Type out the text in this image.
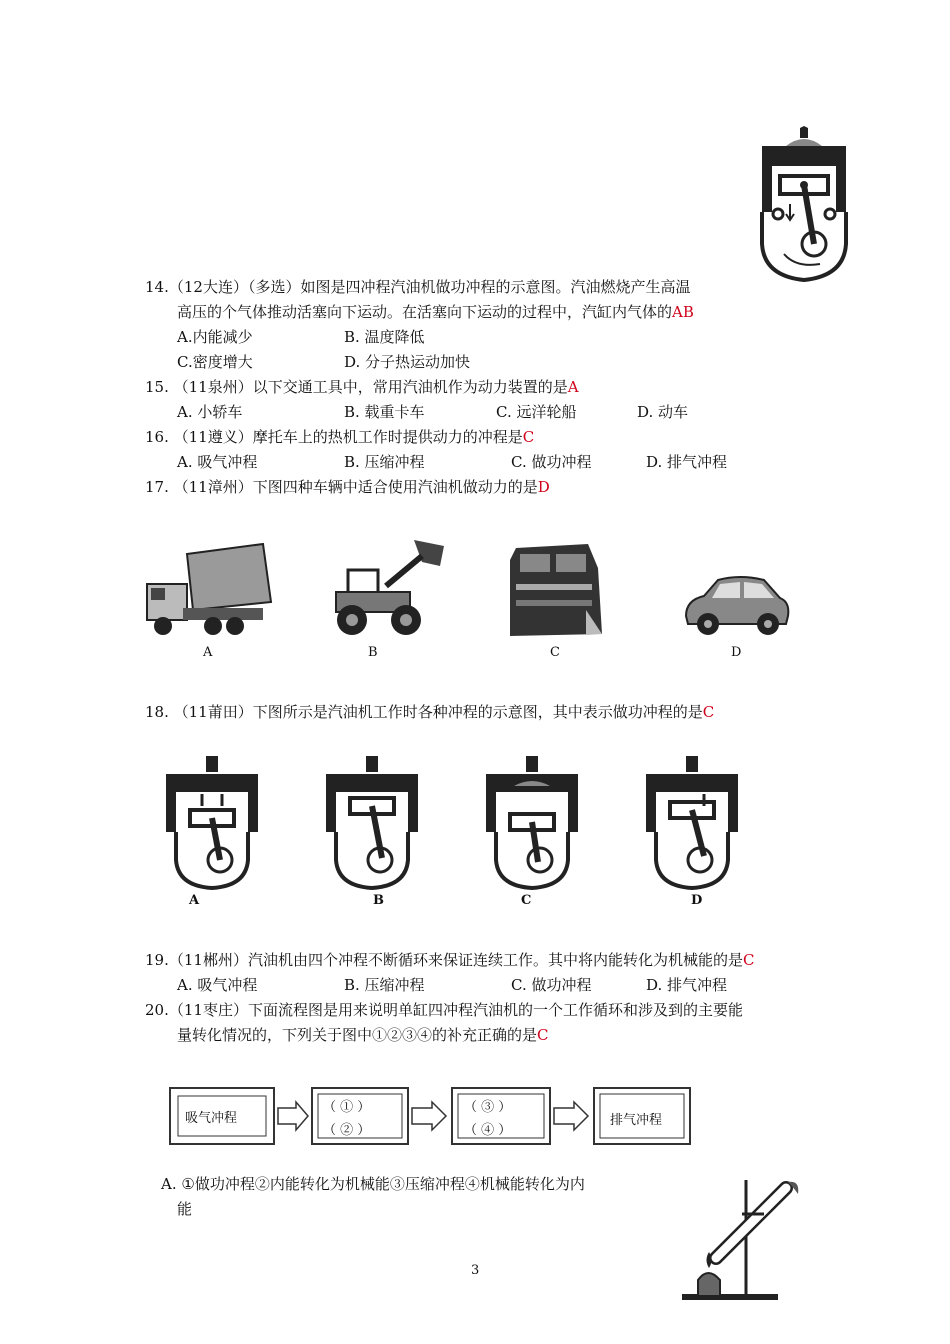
14.（12大连）（多选）如图是四冲程汽油机做功冲程的示意图。汽油燃烧产生高温
高压的个气体推动活塞向下运动。在活塞向下运动的过程中，汽缸内气体的AB
A.内能减少	B. 温度降低
C.密度增大	D. 分子热运动加快
15. （11泉州）以下交通工具中，常用汽油机作为动力装置的是A
A. 小轿车	B. 载重卡车	C. 远洋轮船	D. 动车
16. （11遵义）摩托车上的热机工作时提供动力的冲程是C
A. 吸气冲程	B. 压缩冲程	C. 做功冲程	D. 排气冲程
17. （11漳州）下图四种车辆中适合使用汽油机做动力的是D
A	B	C	D
18. （11莆田）下图所示是汽油机工作时各种冲程的示意图，其中表示做功冲程的是C
A	B	C	D
19.（11郴州）汽油机由四个冲程不断循环来保证连续工作。其中将内能转化为机械能的是C
A. 吸气冲程	B. 压缩冲程	C. 做功冲程	D. 排气冲程
20.（11枣庄）下面流程图是用来说明单缸四冲程汽油机的一个工作循环和涉及到的主要能
量转化情况的，下列关于图中①②③④的补充正确的是C
吸气冲程
（ ① ）
（ ② ）
（ ③ ）
（ ④ ）
排气冲程
A. ①做功冲程②内能转化为机械能③压缩冲程④机械能转化为内
能
3
